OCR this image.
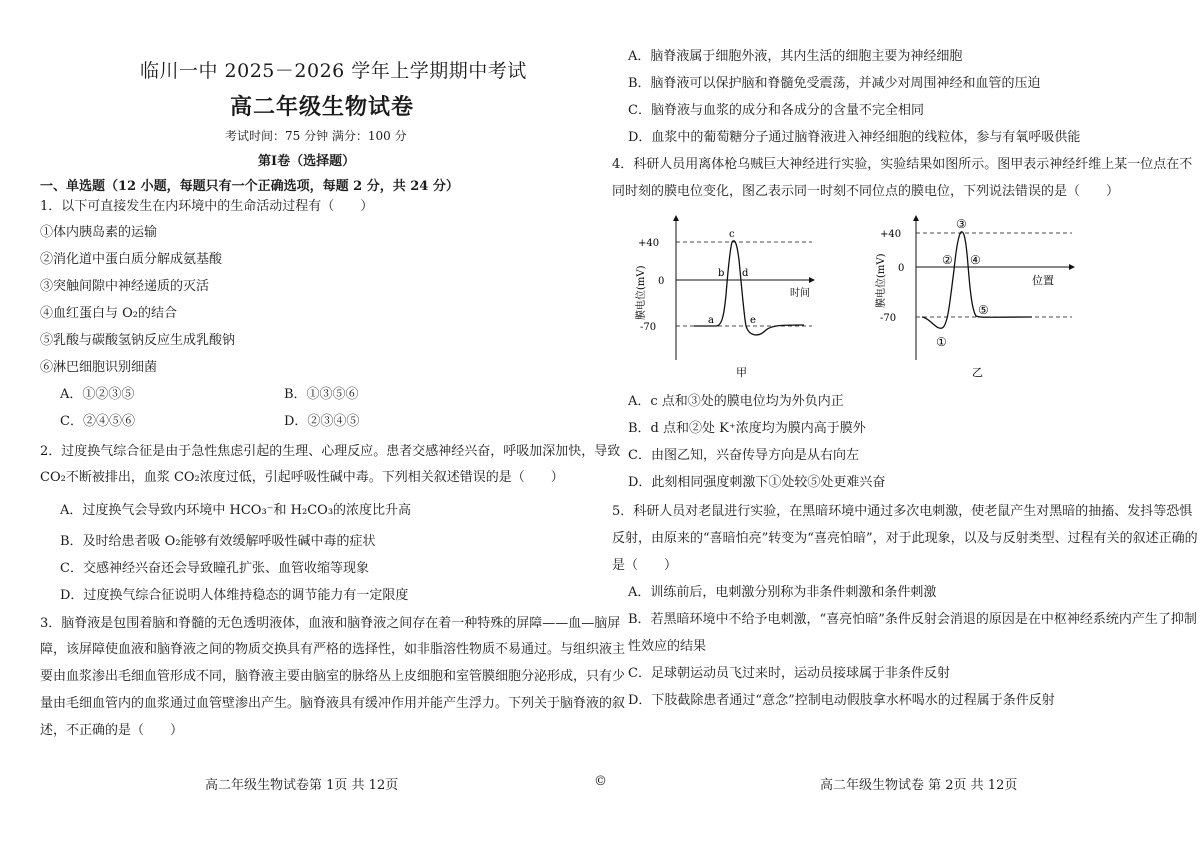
临川一中 2025－2026 学年上学期期中考试
高二年级生物试卷
考试时间：75 分钟 满分：100 分
第Ⅰ卷（选择题）
一、单选题（12 小题，每题只有一个正确选项，每题 2 分，共 24 分）
1．以下可直接发生在内环境中的生命活动过程有（　　）
①体内胰岛素的运输
②消化道中蛋白质分解成氨基酸
③突触间隙中神经递质的灭活
④血红蛋白与 O₂的结合
⑤乳酸与碳酸氢钠反应生成乳酸钠
⑥淋巴细胞识别细菌
A．①②③⑤	B．①③⑤⑥
C．②④⑤⑥	D．②③④⑤
2．过度换气综合征是由于急性焦虑引起的生理、心理反应。患者交感神经兴奋，呼吸加深加快，导致
CO₂不断被排出，血浆 CO₂浓度过低，引起呼吸性碱中毒。下列相关叙述错误的是（　　）
A．过度换气会导致内环境中 HCO₃⁻和 H₂CO₃的浓度比升高
B．及时给患者吸 O₂能够有效缓解呼吸性碱中毒的症状
C．交感神经兴奋还会导致瞳孔扩张、血管收缩等现象
D．过度换气综合征说明人体维持稳态的调节能力有一定限度
3．脑脊液是包围着脑和脊髓的无色透明液体，血液和脑脊液之间存在着一种特殊的屏障——血—脑屏
障，该屏障使血液和脑脊液之间的物质交换具有严格的选择性，如非脂溶性物质不易通过。与组织液主
要由血浆渗出毛细血管形成不同，脑脊液主要由脑室的脉络丛上皮细胞和室管膜细胞分泌形成，只有少
量由毛细血管内的血浆通过血管壁渗出产生。脑脊液具有缓冲作用并能产生浮力。下列关于脑脊液的叙
述，不正确的是（　　）
高二年级生物试卷第 1页 共 12页	©
A．脑脊液属于细胞外液，其内生活的细胞主要为神经细胞
B．脑脊液可以保护脑和脊髓免受震荡，并减少对周围神经和血管的压迫
C．脑脊液与血浆的成分和各成分的含量不完全相同
D．血浆中的葡萄糖分子通过脑脊液进入神经细胞的线粒体，参与有氧呼吸供能
4．科研人员用离体枪乌贼巨大神经进行实验，实验结果如图所示。图甲表示神经纤维上某一位点在不
同时刻的膜电位变化，图乙表示同一时刻不同位点的膜电位，下列说法错误的是（　　）
+40
0
-70
膜电位(mV)	时间
a
b
c
d
e
甲
+40
0
-70
膜电位(mV)	位置
①
②
③
④
⑤
乙
A．c 点和③处的膜电位均为外负内正
B．d 点和②处 K⁺浓度均为膜内高于膜外
C．由图乙知，兴奋传导方向是从右向左
D．此刻相同强度刺激下①处较⑤处更难兴奋
5．科研人员对老鼠进行实验，在黑暗环境中通过多次电刺激，使老鼠产生对黑暗的抽搐、发抖等恐惧
反射，由原来的“喜暗怕亮”转变为“喜亮怕暗”，对于此现象，以及与反射类型、过程有关的叙述正确的
是（　　）
A．训练前后，电刺激分别称为非条件刺激和条件刺激
B．若黑暗环境中不给予电刺激，“喜亮怕暗”条件反射会消退的原因是在中枢神经系统内产生了抑制
性效应的结果
C．足球朝运动员飞过来时，运动员接球属于非条件反射
D．下肢截除患者通过“意念”控制电动假肢拿水杯喝水的过程属于条件反射
高二年级生物试卷 第 2页 共 12页
